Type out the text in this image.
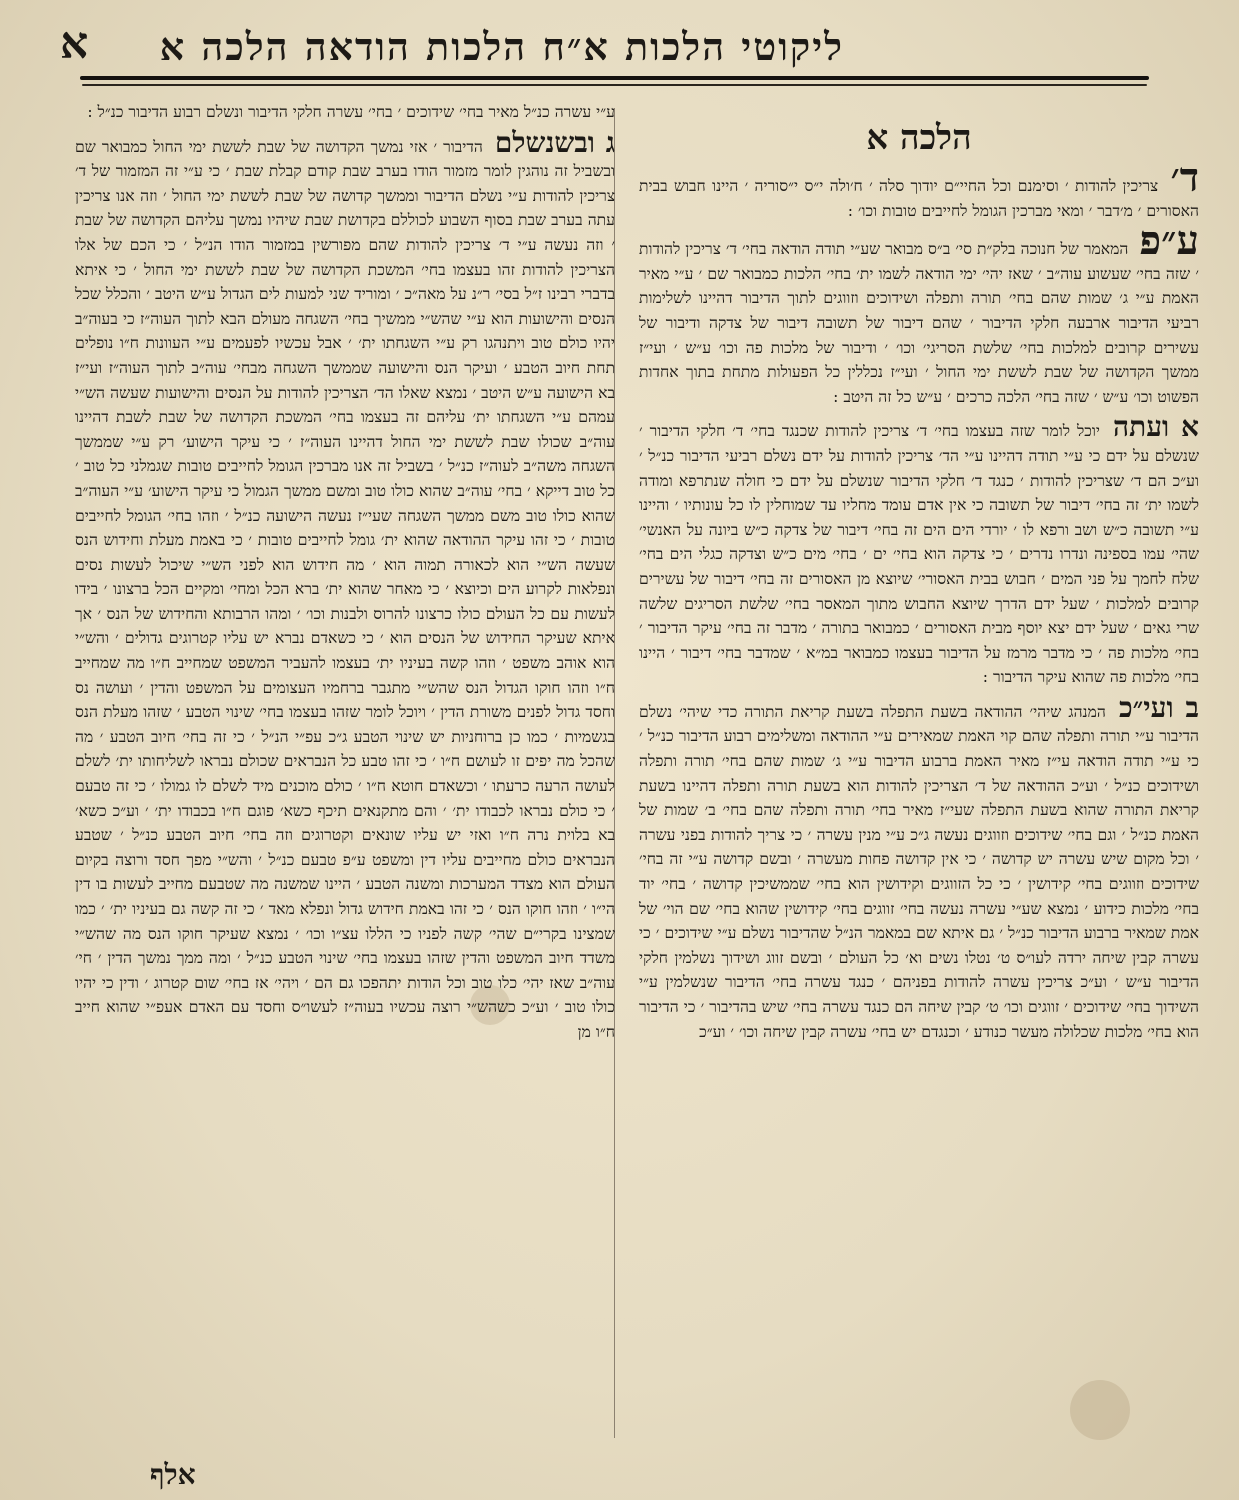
ליקוטי הלכות א״ח הלכות הודאה הלכה א
א
הלכה א

ד׳ צריכין להודות ׳ וסימנם וכל החיי״ם יודוך סלה ׳ ח׳ולה י״ס י״סוריה ׳ היינו חבוש בבית האסורים ׳ מ׳דבר ׳ ומאי מברכין הגומל לחייבים טובות וכו׳ :

ע״פ המאמר של חנוכה בלק״ת סי׳ ב״ס מבואר שע״י תודה הודאה בחי׳ ד׳ צריכין להודות ׳ שזה בחי׳ שעשוע עוה״ב ׳ שאז יהי׳ ימי הודאה לשמו ית׳ בחי׳ הלכות כמבואר שם ׳ ע״י מאיר האמת ע״י ג׳ שמות שהם בחי׳ תורה ותפלה ושידוכים וזווגים לתוך הדיבור דהיינו לשלימות רביעי הדיבור ארבעה חלקי הדיבור ׳ שהם דיבור של תשובה דיבור של צדקה ודיבור של עשירים קרובים למלכות בחי׳ שלשת הסריגי׳ וכו׳ ׳ ודיבור של מלכות פה וכו׳ ע״ש ׳ ועי״ז ממשך הקדושה של שבת לששת ימי החול ׳ ועי״ז נכללין כל הפעולות מתחת בתוך אחדות הפשוט וכו׳ ע״ש ׳ שזה בחי׳ הלכה כרכים ׳ ע״ש כל זה היטב :

א ועתה יוכל לומר שזה בעצמו בחי׳ ד׳ צריכין להודות שכנגד בחי׳ ד׳ חלקי הדיבור ׳ שנשלם על ידם כי ע״י תודה דהיינו ע״י הד׳ צריכין להודות על ידם נשלם רביעי הדיבור כנ״ל ׳ וע״כ הם ד׳ שצריכין להודות ׳ כנגד ד׳ חלקי הדיבור שנשלם על ידם כי חולה שנתרפא ומודה לשמו ית׳ זה בחי׳ דיבור של תשובה כי אין אדם עומד מחליו עד שמוחלין לו כל עונותיו ׳ והיינו ע״י תשובה כ״ש ושב ורפא לו ׳ יורדי הים הים זה בחי׳ דיבור של צדקה כ״ש ביונה על האנשי׳ שהי׳ עמו בספינה ונדרו נדרים ׳ כי צדקה הוא בחי׳ ים ׳ בחי׳ מים כ״ש וצדקה כגלי הים בחי׳ שלח לחמך על פני המים ׳ חבוש בבית האסורי׳ שיוצא מן האסורים זה בחי׳ דיבור של עשירים קרובים למלכות ׳ שעל ידם הדרך שיוצא החבוש מתוך המאסר בחי׳ שלשת הסריגים שלשה שרי גאים ׳ שעל ידם יצא יוסף מבית האסורים ׳ כמבואר בתורה ׳ מדבר זה בחי׳ עיקר הדיבור ׳ בחי׳ מלכות פה ׳ כי מדבר מרמז על הדיבור בעצמו כמבואר במ״א ׳ שמדבר בחי׳ דיבור ׳ היינו בחי׳ מלכות פה שהוא עיקר הדיבור :

ב ועי״כ המנהג שיהי׳ ההודאה בשעת התפלה בשעת קריאת התורה כדי שיהי׳ נשלם הדיבור ע״י תורה ותפלה שהם קוי האמת שמאירים ע״י ההודאה ומשלימים רבוע הדיבור כנ״ל ׳ כי ע״י תודה הודאה עי״ז מאיר האמת ברבוע הדיבור ע״י ג׳ שמות שהם בחי׳ תורה ותפלה ושידוכים כנ״ל ׳ וע״כ ההודאה של ד׳ הצריכין להודות הוא בשעת תורה ותפלה דהיינו בשעת קריאת התורה שהוא בשעת התפלה שעי״ז מאיר בחי׳ תורה ותפלה שהם בחי׳ ב׳ שמות של האמת כנ״ל ׳ וגם בחי׳ שידוכים וזווגים נעשה ג״כ ע״י מנין עשרה ׳ כי צריך להודות בפני עשרה ׳ וכל מקום שיש עשרה יש קדושה ׳ כי אין קדושה פחות מעשרה ׳ ובשם קדושה ע״י זה בחי׳ שידוכים וזווגים בחי׳ קידושין ׳ כי כל הזווגים וקידושין הוא בחי׳ שממשיכין קדושה ׳ בחי׳ יוד בחי׳ מלכות כידוע ׳ נמצא שע״י עשרה נעשה בחי׳ זווגים בחי׳ קידושין שהוא בחי׳ שם הוי׳ של אמת שמאיר ברבוע הדיבור כנ״ל ׳ גם איתא שם במאמר הנ״ל שהדיבור נשלם ע״י שידוכים ׳ כי עשרה קבין שיחה ירדה לעו״ס ט׳ נטלו נשים וא׳ כל העולם ׳ ובשם זווג ושידוך נשלמין חלקי הדיבור ע״ש ׳ וע״כ צריכין עשרה להודות בפניהם ׳ כנגד עשרה בחי׳ הדיבור שנשלמין ע״י השידוך בחי׳ שידוכים ׳ זווגים וכו׳ ט׳ קבין שיחה הם כנגד עשרה בחי׳ שיש בהדיבור ׳ כי הדיבור הוא בחי׳ מלכות שכלולה מעשר כנודע ׳ וכנגדם יש בחי׳ עשרה קבין שיחה וכו׳ ׳ וע״כ

ע״י עשרה כנ״ל מאיר בחי׳ שידוכים ׳ בחי׳ עשרה חלקי הדיבור ונשלם רבוע הדיבור כנ״ל :

ג ובשנשלם הדיבור ׳ אזי נמשך הקדושה של שבת לששת ימי החול כמבואר שם ובשביל זה נוהגין לומר מזמור הודו בערב שבת קודם קבלת שבת ׳ כי ע״י זה המזמור של ד׳ צריכין להודות ע״י נשלם הדיבור וממשך קדושה של שבת לששת ימי החול ׳ וזה אנו צריכין עתה בערב שבת בסוף השבוע לכוללם בקדושת שבת שיהיו נמשך עליהם הקדושה של שבת ׳ וזה נעשה ע״י ד׳ צריכין להודות שהם מפורשין במזמור הודו הנ״ל ׳ כי הכם של אלו הצריכין להודות זהו בעצמו בחי׳ המשכת הקדושה של שבת לששת ימי החול ׳ כי איתא בדברי רבינו ז״ל בסי׳ ר״נ על מאה״כ ׳ ומוריד שני למעות לים הגדול ע״ש היטב ׳ והכלל שכל הנסים והישועות הוא ע״י שהש״י ממשיך בחי׳ השגחה מעולם הבא לתוך העוה״ז כי בעוה״ב יהיו כולם טוב ויתנהגו רק ע״י השגחתו ית׳ ׳ אבל עכשיו לפעמים ע״י העוונות ח״ו נופלים תחת חיוב הטבע ׳ ועיקר הנס והישועה שממשך השגחה מבחי׳ עוה״ב לתוך העוה״ז ועי״ז בא הישועה ע״ש היטב ׳ נמצא שאלו הד׳ הצריכין להודות על הנסים והישועות שעשה הש״י עמהם ע״י השגחתו ית׳ עליהם זה בעצמו בחי׳ המשכת הקדושה של שבת לשבת דהיינו עוה״ב שכולו שבת לששת ימי החול דהיינו העוה״ז ׳ כי עיקר הישוע׳ רק ע״י שממשך השגחה משה״ב לעוה״ז כנ״ל ׳ בשביל זה אנו מברכין הגומל לחייבים טובות שגמלני כל טוב ׳ כל טוב דייקא ׳ בחי׳ עוה״ב שהוא כולו טוב ומשם ממשך הגמול כי עיקר הישוע׳ ע״י העוה״ב שהוא כולו טוב משם ממשך השגחה שעי״ז נעשה הישועה כנ״ל ׳ וזהו בחי׳ הגומל לחייבים טובות ׳ כי זהו עיקר ההודאה שהוא ית׳ גומל לחייבים טובות ׳ כי באמת מעלת וחידוש הנס שעשה הש״י הוא לכאורה תמוה הוא ׳ מה חידוש הוא לפני הש״י שיכול לעשות נסים ונפלאות לקרוע הים וכיוצא ׳ כי מאחר שהוא ית׳ ברא הכל ומחי׳ ומקיים הכל ברצונו ׳ בידו לעשות עם כל העולם כולו כרצונו להרוס ולבנות וכו׳ ׳ ומהו הרבותא והחידוש של הנס ׳ אך איתא שעיקר החידוש של הנסים הוא ׳ כי כשאדם נברא יש עליו קטרוגים גדולים ׳ והש״י הוא אוהב משפט ׳ וזהו קשה בעיניו ית׳ בעצמו להעביר המשפט שמחייב ח״ו מה שמחייב ח״ו וזהו חוקו הגדול הנס שהש״י מתגבר ברחמיו העצומים על המשפט והדין ׳ ועושה נס וחסד גדול לפנים משורת הדין ׳ ויוכל לומר שזהו בעצמו בחי׳ שינוי הטבע ׳ שזהו מעלת הנס בגשמיות ׳ כמו כן ברוחניות יש שינוי הטבע ג״כ עפ״י הנ״ל ׳ כי זה בחי׳ חיוב הטבע ׳ מה שהכל מה יפים זו לעושם ח״ו ׳ כי זהו טבע כל הנבראים שכולם נבראו לשליחותו ית׳ לשלם לעושה הרעה כרעתו ׳ וכשאדם חוטא ח״ו ׳ כולם מוכנים מיד לשלם לו גמולו ׳ כי זה טבעם ׳ כי כולם נבראו לכבודו ית׳ ׳ והם מתקנאים תיכף כשא׳ פוגם ח״ו בכבודו ית׳ ׳ וע״כ כשא׳ בא בלוית נרה ח״ו ואזי יש עליו שונאים וקטרוגים וזה בחי׳ חיוב הטבע כנ״ל ׳ שטבע הנבראים כולם מחייבים עליו דין ומשפט ע״פ טבעם כנ״ל ׳ והש״י מפך חסד ורוצה בקיום העולם הוא מצדד המערכות ומשנה הטבע ׳ היינו שמשנה מה שטבעם מחייב לעשות בו דין הי״ו ׳ וזהו חוקו הנס ׳ כי זהו באמת חידוש גדול ונפלא מאד ׳ כי זה קשה גם בעיניו ית׳ ׳ כמו שמצינו בקרי״ם שהי׳ קשה לפניו כי הללו עצ״ו וכו׳ ׳ נמצא שעיקר חוקו הנס מה שהש״י משדד חיוב המשפט והדין שזהו בעצמו בחי׳ שינוי הטבע כנ״ל ׳ ומה ממך נמשך הדין ׳ חי׳ עוה״ב שאז יהי׳ כלו טוב וכל הודות יתהפכו גם הם ׳ ויהי׳ אז בחי׳ שום קטרוג ׳ ודין כי יהיו כולו טוב ׳ וע״כ כשהש״י רוצה עכשיו בעוה״ז לעשו״ס וחסד עם האדם אעפ״י שהוא חייב ח״ו מן

אלף
